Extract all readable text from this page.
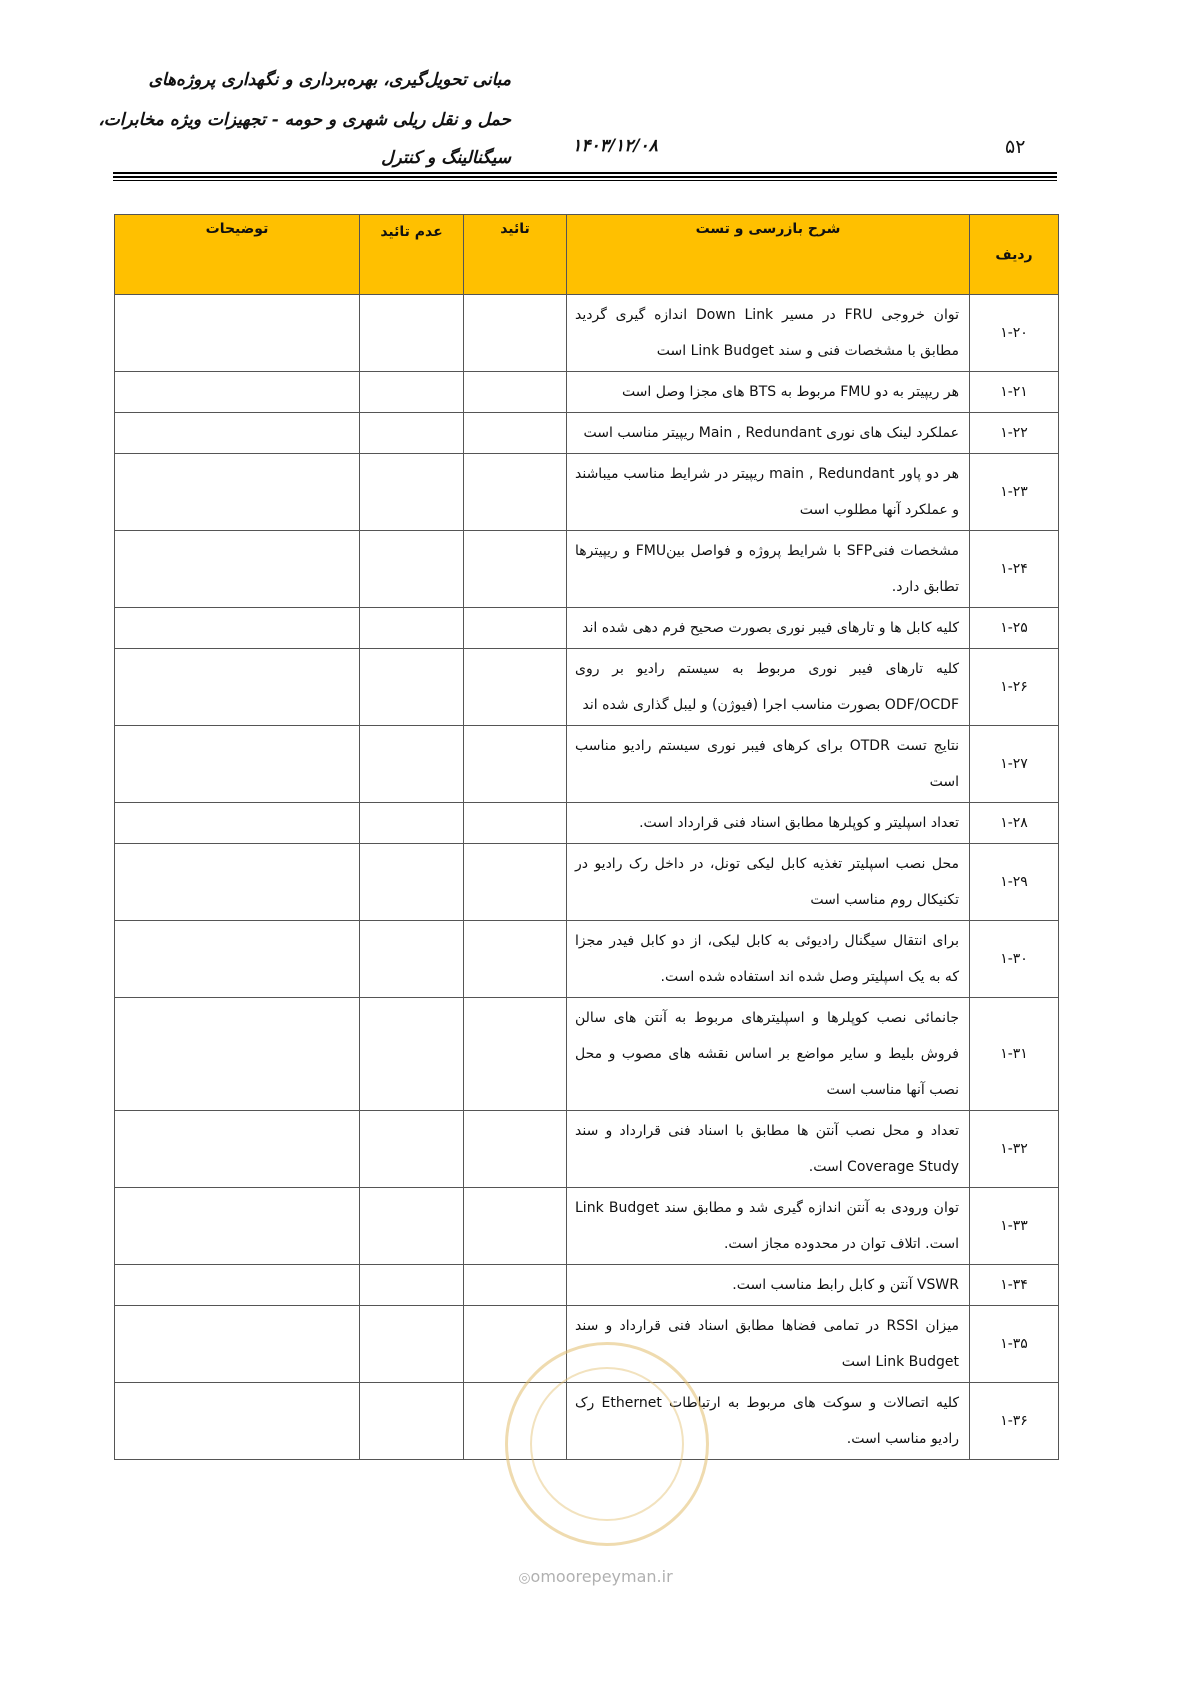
مبانی تحویل‌گیری، بهره‌برداری و نگهداری پروژه‌های
حمل و نقل ریلی شهری و حومه - تجهیزات ویژه مخابرات،
سیگنالینگ و کنترل
۱۴۰۳/۱۲/۰۸	۵۲
ردیف	شرح بازرسی و تست	تائید	عدم تائید	توضیحات
۱-۲۰	توان خروجی FRU در مسیر Down Link اندازه گیری گردید مطابق با مشخصات فنی و سند Link Budget است			
۱-۲۱	هر ریپیتر به دو FMU مربوط به BTS های مجزا وصل است			
۱-۲۲	عملکرد لینک های نوری Main , Redundant ریپیتر مناسب است			
۱-۲۳	هر دو پاور main , Redundant ریپیتر در شرایط مناسب میباشند و عملکرد آنها مطلوب است			
۱-۲۴	مشخصات فنیSFP با شرایط پروژه و فواصل بینFMU و ریپیترها تطابق دارد.			
۱-۲۵	کلیه کابل ها و تارهای فیبر نوری بصورت صحیح فرم دهی شده اند			
۱-۲۶	کلیه تارهای فیبر نوری مربوط به سیستم رادیو بر روی ODF/OCDF بصورت مناسب اجرا (فیوژن) و لیبل گذاری شده اند			
۱-۲۷	نتایج تست OTDR برای کرهای فیبر نوری سیستم رادیو مناسب است			
۱-۲۸	تعداد اسپلیتر و کوپلرها مطابق اسناد فنی قرارداد است.			
۱-۲۹	محل نصب اسپلیتر تغذیه کابل لیکی تونل، در داخل رک رادیو در تکنیکال روم مناسب است			
۱-۳۰	برای انتقال سیگنال رادیوئی به کابل لیکی، از دو کابل فیدر مجزا که به یک اسپلیتر وصل شده اند استفاده شده است.			
۱-۳۱	جانمائی نصب کوپلرها و اسپلیترهای مربوط به آنتن های سالن فروش بلیط و سایر مواضع بر اساس نقشه های مصوب و محل نصب آنها مناسب است			
۱-۳۲	تعداد و محل نصب آنتن ها مطابق با اسناد فنی قرارداد و سند Coverage Study است.			
۱-۳۳	توان ورودی به آنتن اندازه گیری شد و مطابق سند Link Budget است. اتلاف توان در محدوده مجاز است.			
۱-۳۴	VSWR آنتن و کابل رابط مناسب است.			
۱-۳۵	میزان RSSI در تمامی فضاها مطابق اسناد فنی قرارداد و سند Link Budget است			
۱-۳۶	کلیه اتصالات و سوکت های مربوط به ارتباطات Ethernet رک رادیو مناسب است.			
◎omoorepeyman.ir
